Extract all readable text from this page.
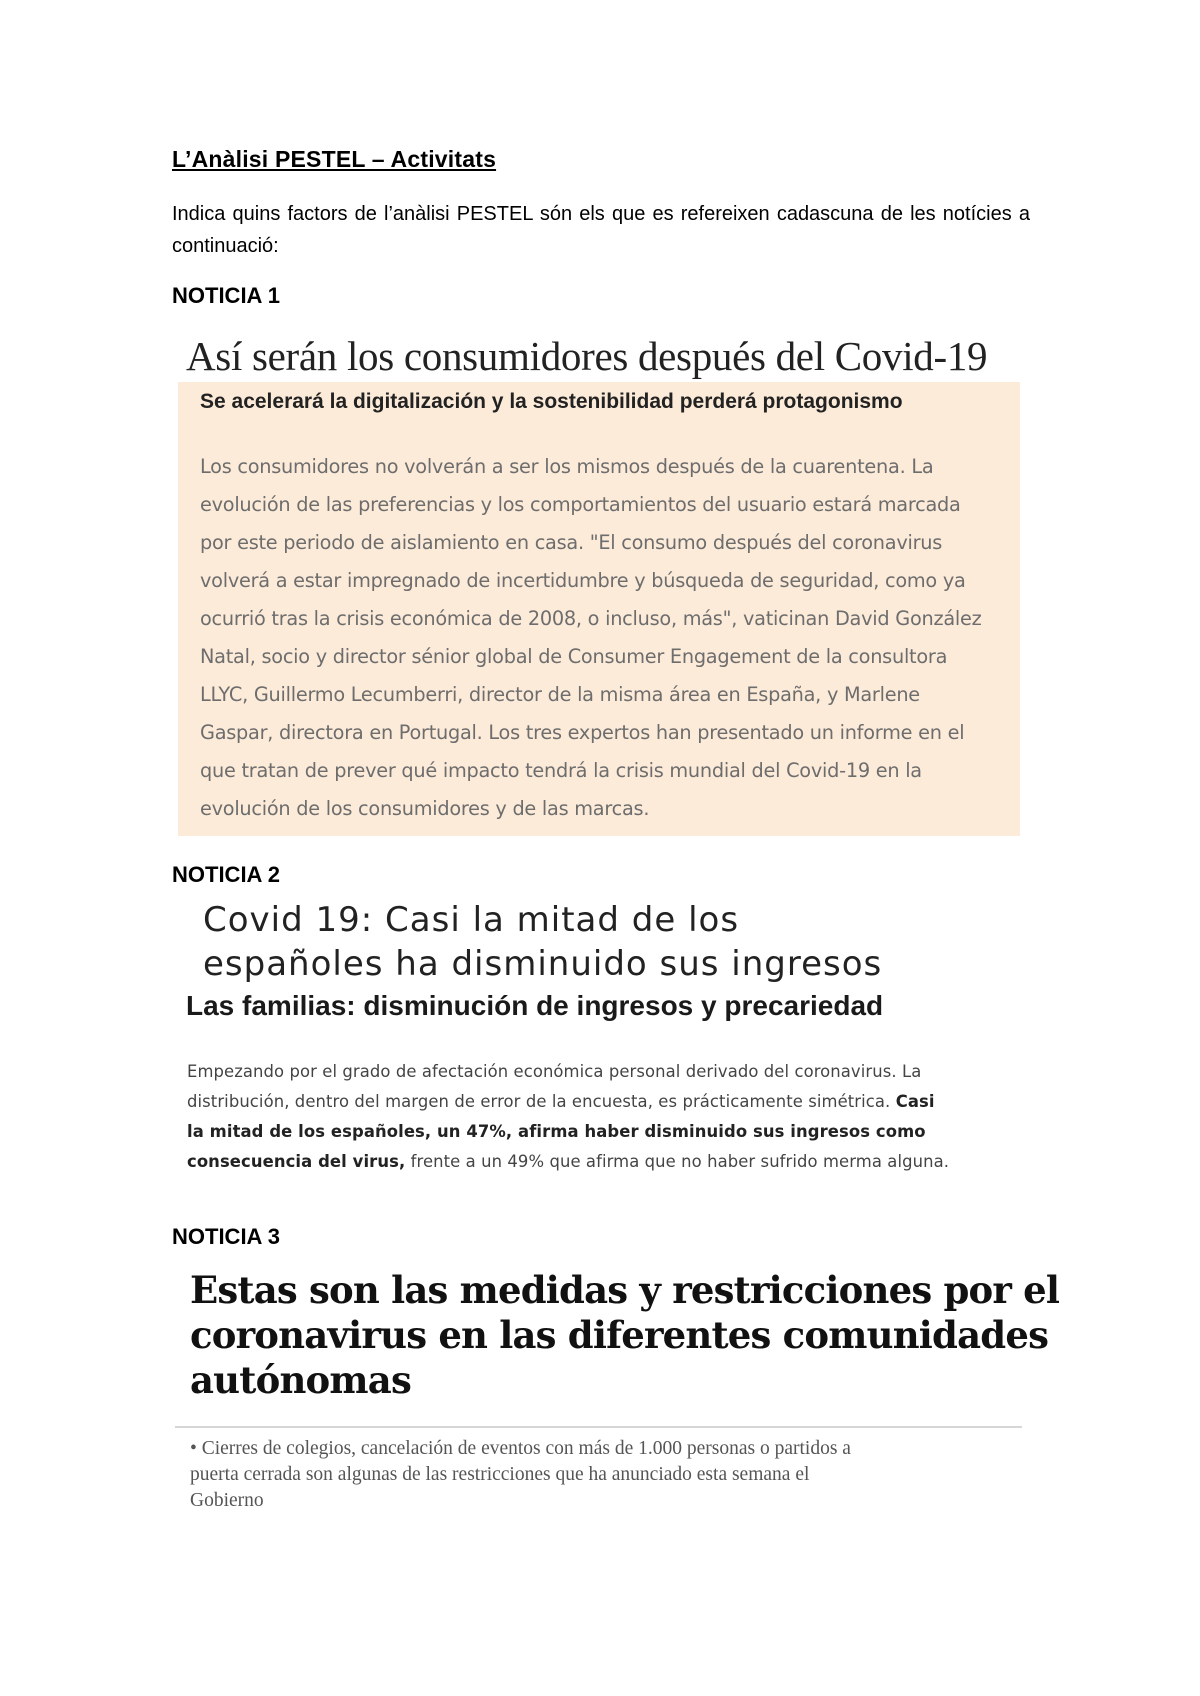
L’Anàlisi PESTEL – Activitats
Indica quins factors de l’anàlisi PESTEL són els que es refereixen cadascuna de les notícies a continuació:
NOTICIA 1
Así serán los consumidores después del Covid-19
Se acelerará la digitalización y la sostenibilidad perderá protagonismo
Los consumidores no volverán a ser los mismos después de la cuarentena. La
evolución de las preferencias y los comportamientos del usuario estará marcada
por este periodo de aislamiento en casa. "El consumo después del coronavirus
volverá a estar impregnado de incertidumbre y búsqueda de seguridad, como ya
ocurrió tras la crisis económica de 2008, o incluso, más", vaticinan David González
Natal, socio y director sénior global de Consumer Engagement de la consultora
LLYC, Guillermo Lecumberri, director de la misma área en España, y Marlene
Gaspar, directora en Portugal. Los tres expertos han presentado un informe en el
que tratan de prever qué impacto tendrá la crisis mundial del Covid-19 en la
evolución de los consumidores y de las marcas.
NOTICIA 2
Covid 19: Casi la mitad de los
españoles ha disminuido sus ingresos
Las familias: disminución de ingresos y precariedad
Empezando por el grado de afectación económica personal derivado del coronavirus. La
distribución, dentro del margen de error de la encuesta, es prácticamente simétrica. Casi
la mitad de los españoles, un 47%, afirma haber disminuido sus ingresos como
consecuencia del virus, frente a un 49% que afirma que no haber sufrido merma alguna.
NOTICIA 3
Estas son las medidas y restricciones por el
coronavirus en las diferentes comunidades
autónomas
• Cierres de colegios, cancelación de eventos con más de 1.000 personas o partidos a
puerta cerrada son algunas de las restricciones que ha anunciado esta semana el
Gobierno
